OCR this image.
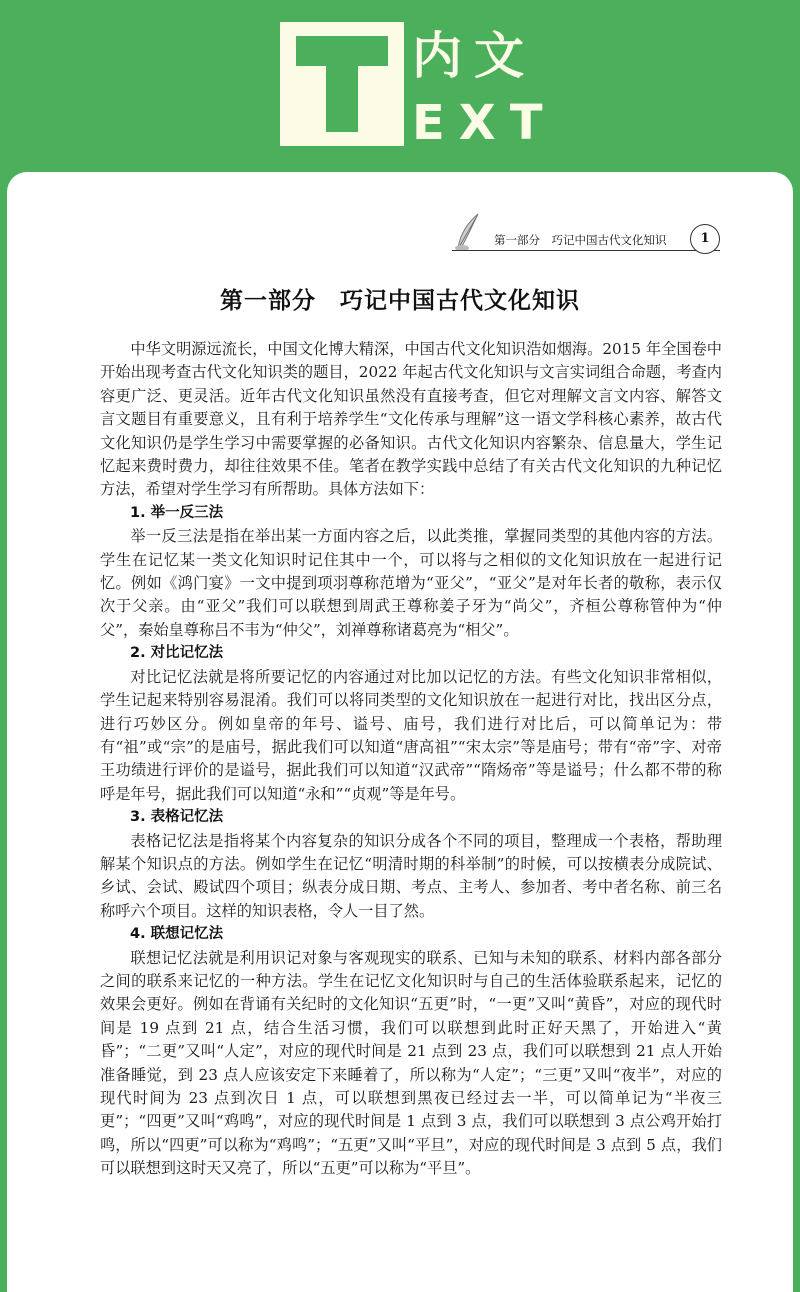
内文
EXT
第一部分　巧记中国古代文化知识	1
第一部分　巧记中国古代文化知识

中华文明源远流长，中国文化博大精深，中国古代文化知识浩如烟海。2015 年全国卷中开始出现考查古代文化知识类的题目，2022 年起古代文化知识与文言实词组合命题，考查内容更广泛、更灵活。近年古代文化知识虽然没有直接考查，但它对理解文言文内容、解答文言文题目有重要意义，且有利于培养学生“文化传承与理解”这一语文学科核心素养，故古代文化知识仍是学生学习中需要掌握的必备知识。古代文化知识内容繁杂、信息量大，学生记忆起来费时费力，却往往效果不佳。笔者在教学实践中总结了有关古代文化知识的九种记忆方法，希望对学生学习有所帮助。具体方法如下：

1. 举一反三法

举一反三法是指在举出某一方面内容之后，以此类推，掌握同类型的其他内容的方法。学生在记忆某一类文化知识时记住其中一个，可以将与之相似的文化知识放在一起进行记忆。例如《鸿门宴》一文中提到项羽尊称范增为“亚父”，“亚父”是对年长者的敬称，表示仅次于父亲。由“亚父”我们可以联想到周武王尊称姜子牙为“尚父”，齐桓公尊称管仲为“仲父”，秦始皇尊称吕不韦为“仲父”，刘禅尊称诸葛亮为“相父”。

2. 对比记忆法

对比记忆法就是将所要记忆的内容通过对比加以记忆的方法。有些文化知识非常相似，学生记起来特别容易混淆。我们可以将同类型的文化知识放在一起进行对比，找出区分点，进行巧妙区分。例如皇帝的年号、谥号、庙号，我们进行对比后，可以简单记为：带有“祖”或“宗”的是庙号，据此我们可以知道“唐高祖”“宋太宗”等是庙号；带有“帝”字、对帝王功绩进行评价的是谥号，据此我们可以知道“汉武帝”“隋炀帝”等是谥号；什么都不带的称呼是年号，据此我们可以知道“永和”“贞观”等是年号。

3. 表格记忆法

表格记忆法是指将某个内容复杂的知识分成各个不同的项目，整理成一个表格，帮助理解某个知识点的方法。例如学生在记忆“明清时期的科举制”的时候，可以按横表分成院试、乡试、会试、殿试四个项目；纵表分成日期、考点、主考人、参加者、考中者名称、前三名称呼六个项目。这样的知识表格，令人一目了然。

4. 联想记忆法

联想记忆法就是利用识记对象与客观现实的联系、已知与未知的联系、材料内部各部分之间的联系来记忆的一种方法。学生在记忆文化知识时与自己的生活体验联系起来，记忆的效果会更好。例如在背诵有关纪时的文化知识“五更”时，“一更”又叫“黄昏”，对应的现代时间是 19 点到 21 点，结合生活习惯，我们可以联想到此时正好天黑了，开始进入“黄昏”；“二更”又叫“人定”，对应的现代时间是 21 点到 23 点，我们可以联想到 21 点人开始准备睡觉，到 23 点人应该安定下来睡着了，所以称为“人定”；“三更”又叫“夜半”，对应的现代时间为 23 点到次日 1 点，可以联想到黑夜已经过去一半，可以简单记为“半夜三更”；“四更”又叫“鸡鸣”，对应的现代时间是 1 点到 3 点，我们可以联想到 3 点公鸡开始打鸣，所以“四更”可以称为“鸡鸣”；“五更”又叫“平旦”，对应的现代时间是 3 点到 5 点，我们可以联想到这时天又亮了，所以“五更”可以称为“平旦”。
